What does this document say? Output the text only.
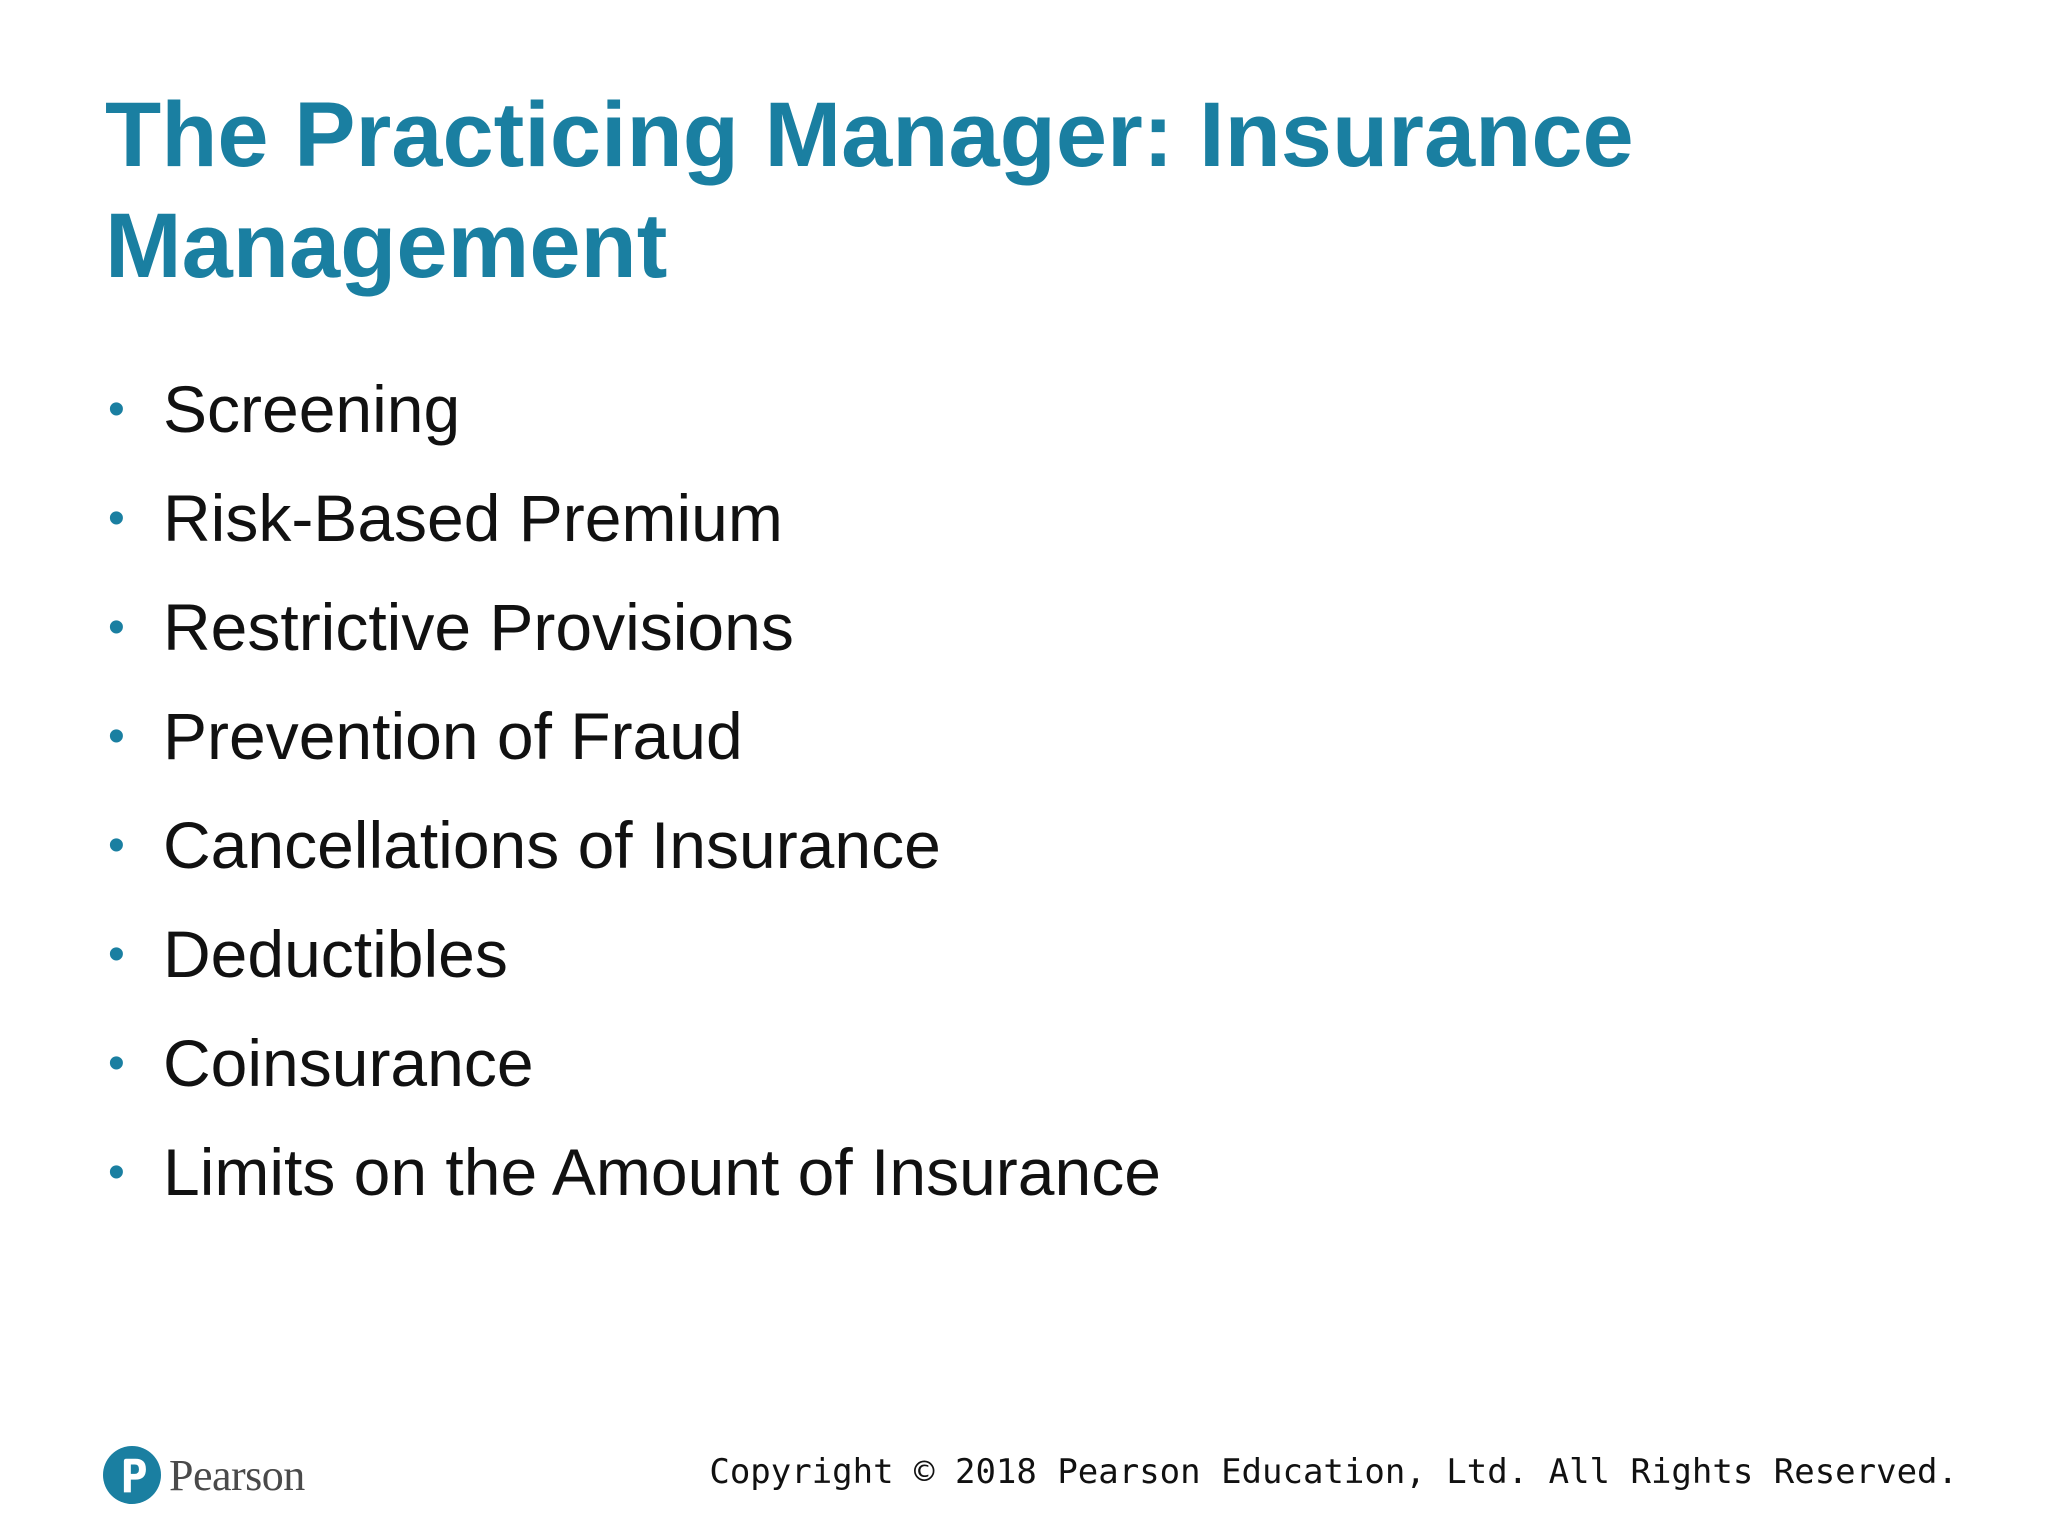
The Practicing Manager: Insurance
Management
• Screening
• Risk-Based Premium
• Restrictive Provisions
• Prevention of Fraud
• Cancellations of Insurance
• Deductibles
• Coinsurance
• Limits on the Amount of Insurance
Pearson	Copyright © 2018 Pearson Education, Ltd. All Rights Reserved.
